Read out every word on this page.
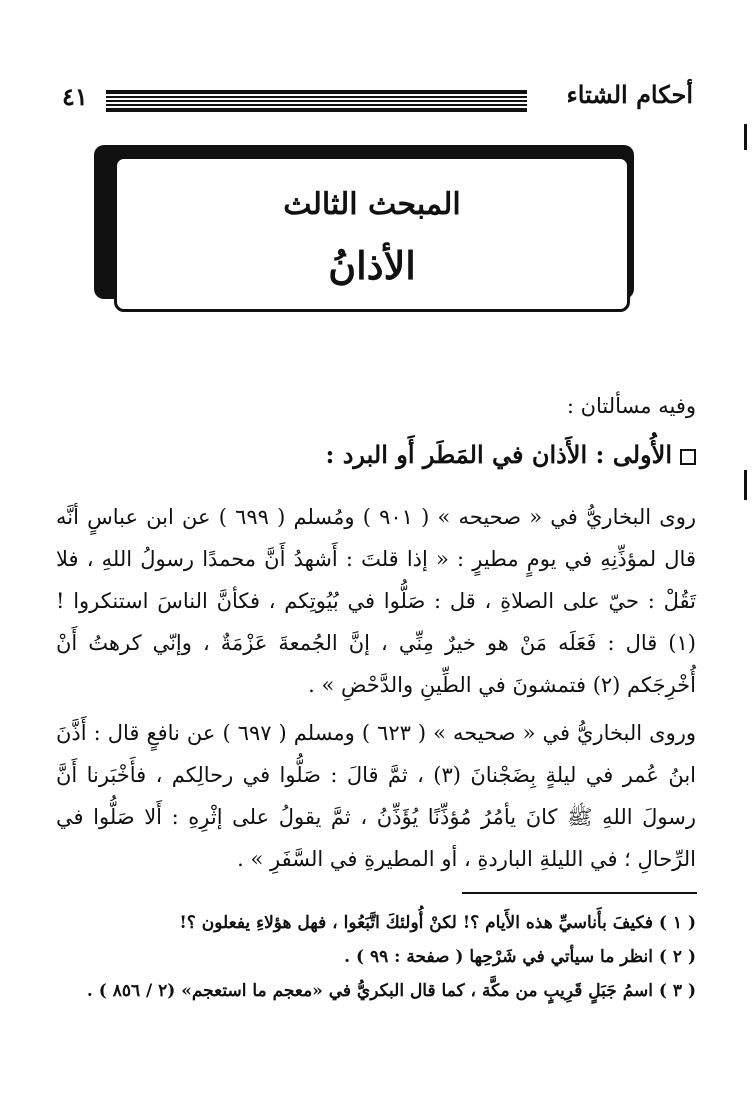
٤١	أحكام الشتاء
المبحث الثالث
الأذانُ
وفيه مسألتان :
الأُولى : الأَذان في المَطَر أَو البرد :
روى البخاريُّ في « صحيحه » ( ٩٠١ ) ومُسلم ( ٦٩٩ ) عن ابن عباسٍ أنَّه قال لمؤذِّنِهِ في يومٍ مطيرٍ : « إذا قلتَ : أَشهدُ أَنَّ محمدًا رسولُ اللهِ ، فلا تَقُلْ : حيّ على الصلاةِ ، قل : صَلُّوا في بُيُوتِكم ، فكأنَّ الناسَ استنكروا ! (١) قال : فَعَلَه مَنْ هو خيرٌ مِنِّي ، إنَّ الجُمعةَ عَزْمَةٌ ، وإنّي كرهتُ أَنْ أُخْرِجَكم (٢) فتمشونَ في الطِّينِ والدَّحْضِ » .
وروى البخاريُّ في « صحيحه » ( ٦٢٣ ) ومسلم ( ٦٩٧ ) عن نافعٍ قال : أَذَّنَ ابنُ عُمر في ليلةٍ بِضَجْنانَ (٣) ، ثمَّ قالَ : صَلُّوا في رحالِكم ، فأَخْبَرنا أَنَّ رسولَ اللهِ ﷺ كانَ يأمُرُ مُؤذِّنًا يُؤَذِّنُ ، ثمَّ يقولُ على إثْرِهِ : أَلا صَلُّوا في الرِّحالِ ؛ في الليلةِ الباردةِ ، أو المطيرةِ في السَّفَرِ » .
( ١ ) فكيفَ بأَناسيِّ هذه الأَيام ؟! لكنْ أُولئكَ اتَّبَعُوا ، فهل هؤلاءِ يفعلون ؟!
( ٢ ) انظر ما سيأتي في شَرْحِها ( صفحة : ٩٩ ) .
( ٣ ) اسمُ جَبَلٍ قَرِيبٍ من مكَّة ، كما قال البكريُّ في «معجم ما استعجم» (٢ / ٨٥٦ ) .
